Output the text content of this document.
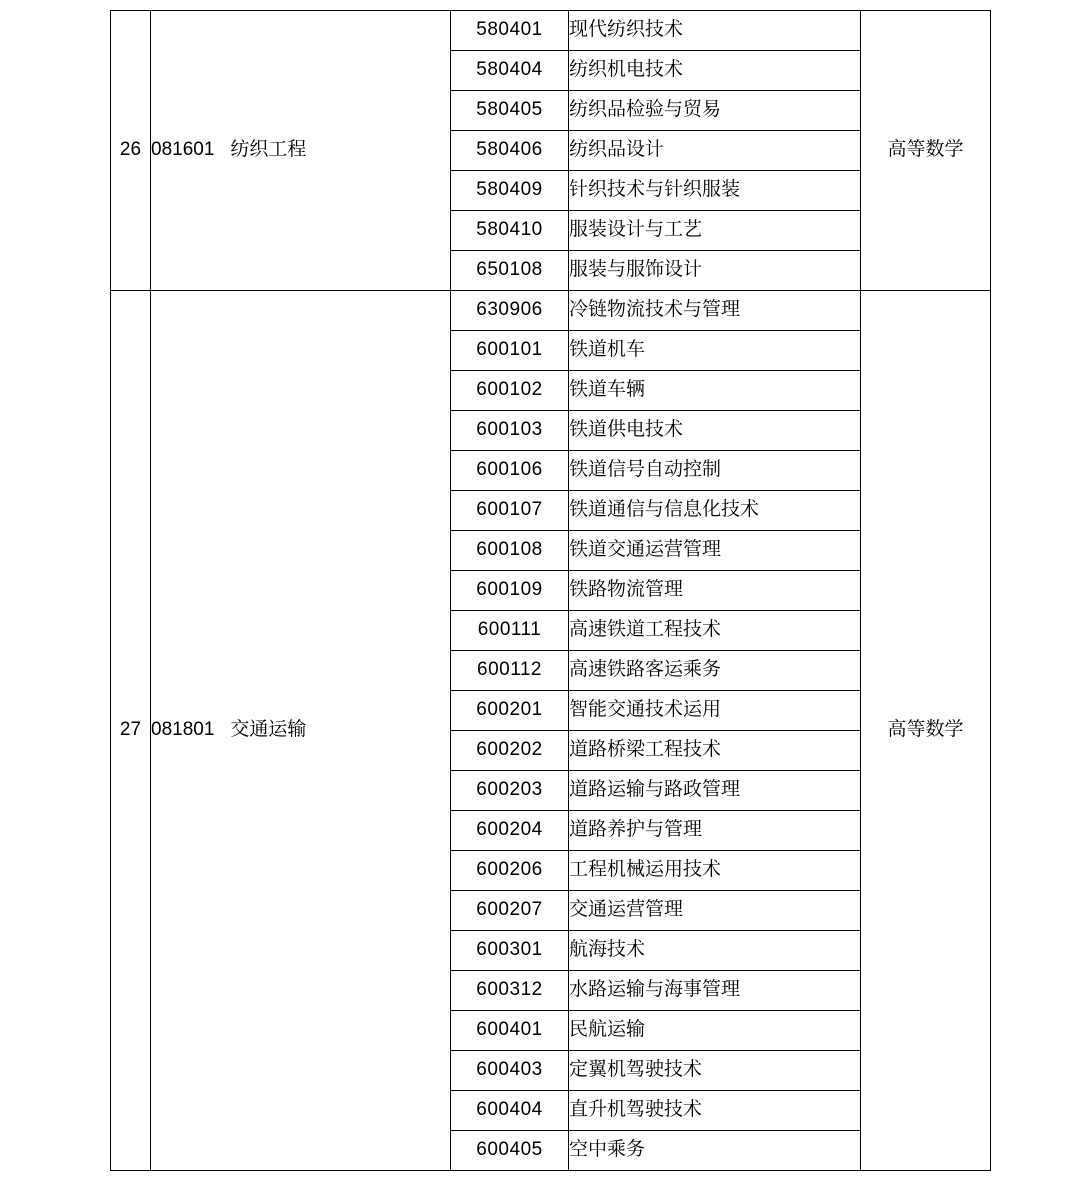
26	081601 纺织工程	580401	现代纺织技术	高等数学
		580404	纺织机电技术	
		580405	纺织品检验与贸易	
		580406	纺织品设计	
		580409	针织技术与针织服装	
		580410	服装设计与工艺	
		650108	服装与服饰设计	
27	081801 交通运输	630906	冷链物流技术与管理	高等数学
		600101	铁道机车	
		600102	铁道车辆	
		600103	铁道供电技术	
		600106	铁道信号自动控制	
		600107	铁道通信与信息化技术	
		600108	铁道交通运营管理	
		600109	铁路物流管理	
		600111	高速铁道工程技术	
		600112	高速铁路客运乘务	
		600201	智能交通技术运用	
		600202	道路桥梁工程技术	
		600203	道路运输与路政管理	
		600204	道路养护与管理	
		600206	工程机械运用技术	
		600207	交通运营管理	
		600301	航海技术	
		600312	水路运输与海事管理	
		600401	民航运输	
		600403	定翼机驾驶技术	
		600404	直升机驾驶技术	
		600405	空中乘务	
